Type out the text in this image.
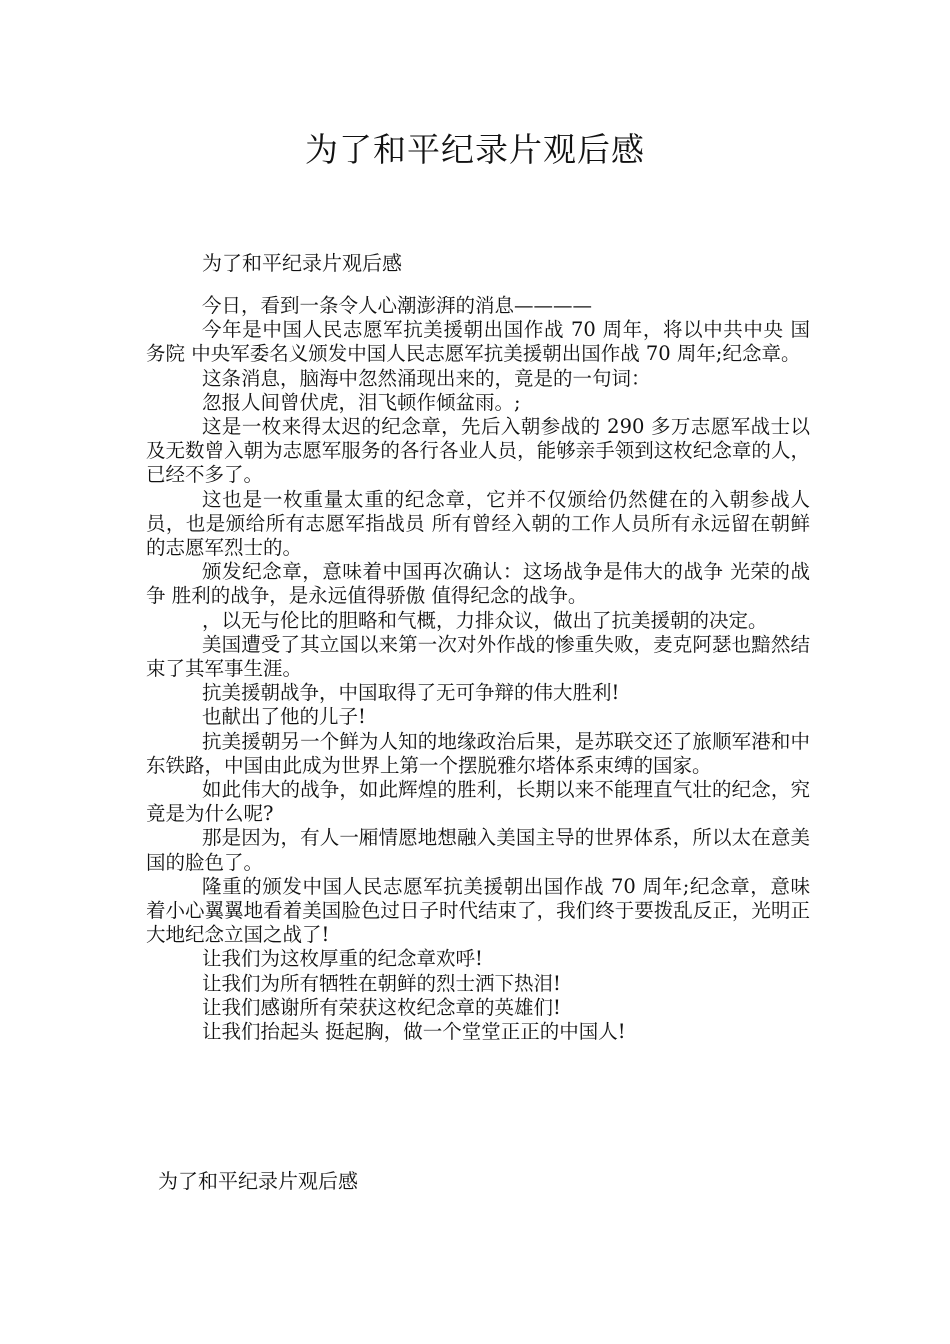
为了和平纪录片观后感
为了和平纪录片观后感

今日，看到一条令人心潮澎湃的消息————

今年是中国人民志愿军抗美援朝出国作战 70 周年，将以中共中央 国务院 中央军委名义颁发中国人民志愿军抗美援朝出国作战 70 周年;纪念章。

这条消息，脑海中忽然涌现出来的，竟是的一句词：

忽报人间曾伏虎，泪飞顿作倾盆雨。;

这是一枚来得太迟的纪念章，先后入朝参战的 290 多万志愿军战士以及无数曾入朝为志愿军服务的各行各业人员，能够亲手领到这枚纪念章的人，已经不多了。

这也是一枚重量太重的纪念章，它并不仅颁给仍然健在的入朝参战人员，也是颁给所有志愿军指战员 所有曾经入朝的工作人员所有永远留在朝鲜的志愿军烈士的。

颁发纪念章，意味着中国再次确认：这场战争是伟大的战争 光荣的战争 胜利的战争，是永远值得骄傲 值得纪念的战争。

，以无与伦比的胆略和气概，力排众议，做出了抗美援朝的决定。

美国遭受了其立国以来第一次对外作战的惨重失败，麦克阿瑟也黯然结束了其军事生涯。

抗美援朝战争，中国取得了无可争辩的伟大胜利!

也献出了他的儿子!

抗美援朝另一个鲜为人知的地缘政治后果，是苏联交还了旅顺军港和中东铁路，中国由此成为世界上第一个摆脱雅尔塔体系束缚的国家。

如此伟大的战争，如此辉煌的胜利，长期以来不能理直气壮的纪念，究竟是为什么呢?

那是因为，有人一厢情愿地想融入美国主导的世界体系，所以太在意美国的脸色了。

隆重的颁发中国人民志愿军抗美援朝出国作战 70 周年;纪念章，意味着小心翼翼地看着美国脸色过日子时代结束了，我们终于要拨乱反正，光明正大地纪念立国之战了!

让我们为这枚厚重的纪念章欢呼!

让我们为所有牺牲在朝鲜的烈士洒下热泪!

让我们感谢所有荣获这枚纪念章的英雄们!

让我们抬起头 挺起胸，做一个堂堂正正的中国人!

为了和平纪录片观后感
